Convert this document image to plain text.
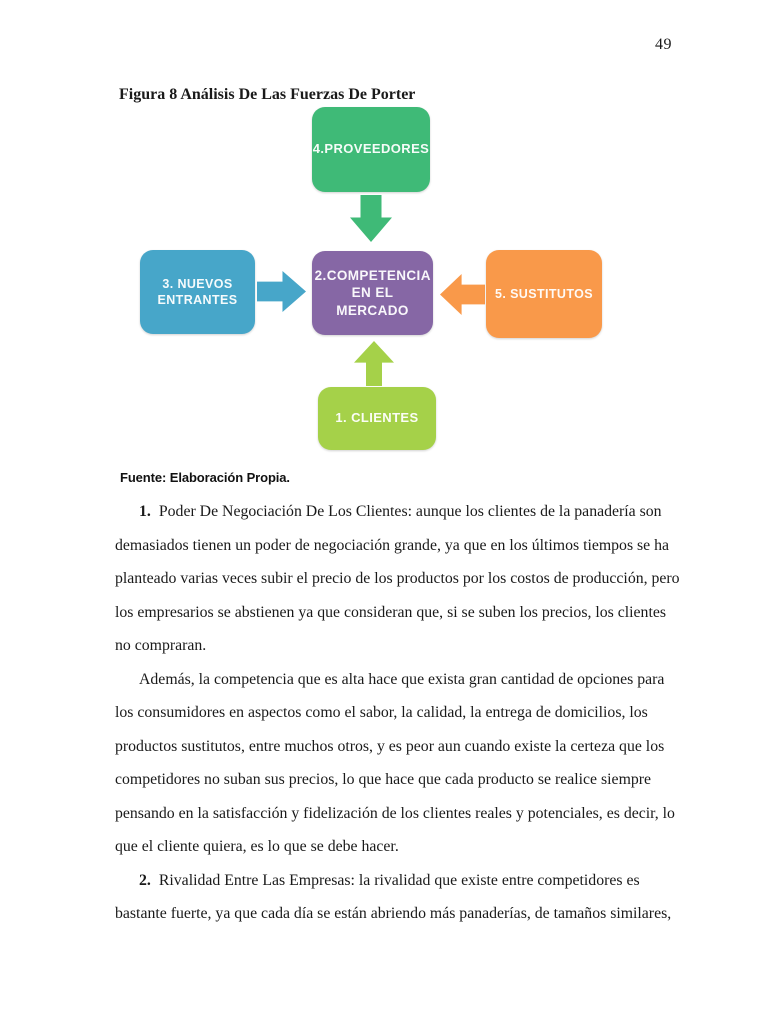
49
Figura 8 Análisis De Las Fuerzas De Porter
4.PROVEEDORES
3. NUEVOS ENTRANTES
2.COMPETENCIA EN EL MERCADO
5. SUSTITUTOS
1. CLIENTES
Fuente: Elaboración Propia.

1. Poder De Negociación De Los Clientes: aunque los clientes de la panadería son demasiados tienen un poder de negociación grande, ya que en los últimos tiempos se ha planteado varias veces subir el precio de los productos por los costos de producción, pero los empresarios se abstienen ya que consideran que, si se suben los precios, los clientes no compraran.

Además, la competencia que es alta hace que exista gran cantidad de opciones para los consumidores en aspectos como el sabor, la calidad, la entrega de domicilios, los productos sustitutos, entre muchos otros, y es peor aun cuando existe la certeza que los competidores no suban sus precios, lo que hace que cada producto se realice siempre pensando en la satisfacción y fidelización de los clientes reales y potenciales, es decir, lo que el cliente quiera, es lo que se debe hacer.

2. Rivalidad Entre Las Empresas: la rivalidad que existe entre competidores es bastante fuerte, ya que cada día se están abriendo más panaderías, de tamaños similares,
